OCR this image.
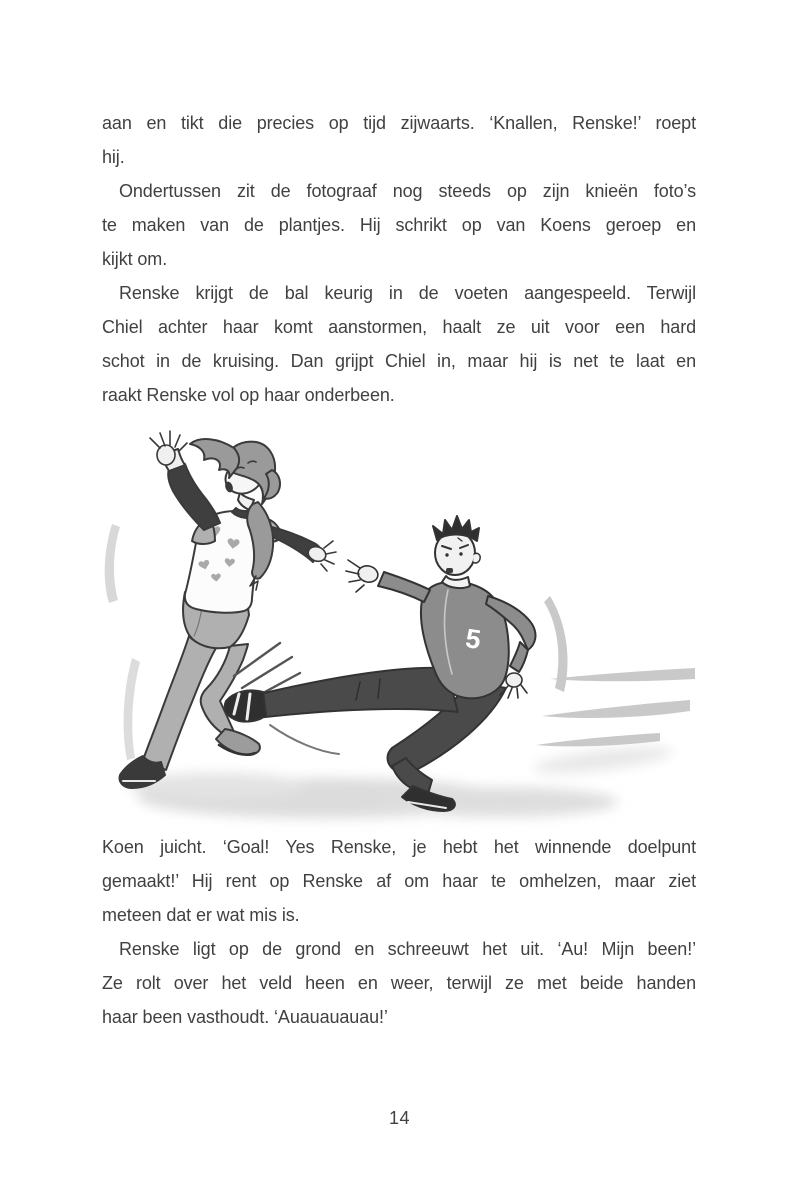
aan en tikt die precies op tijd zijwaarts. ‘Knallen, Renske!’ roept
hij.

Ondertussen zit de fotograaf nog steeds op zijn knieën foto’s
te maken van de plantjes. Hij schrikt op van Koens geroep en
kijkt om.

Renske krijgt de bal keurig in de voeten aangespeeld. Terwijl
Chiel achter haar komt aanstormen, haalt ze uit voor een hard
schot in de kruising. Dan grijpt Chiel in, maar hij is net te laat en
raakt Renske vol op haar onderbeen.

5

Koen juicht. ‘Goal! Yes Renske, je hebt het winnende doelpunt
gemaakt!’ Hij rent op Renske af om haar te omhelzen, maar ziet
meteen dat er wat mis is.

Renske ligt op de grond en schreeuwt het uit. ‘Au! Mijn been!’
Ze rolt over het veld heen en weer, terwijl ze met beide handen
haar been vasthoudt. ‘Auauauauau!’

14
